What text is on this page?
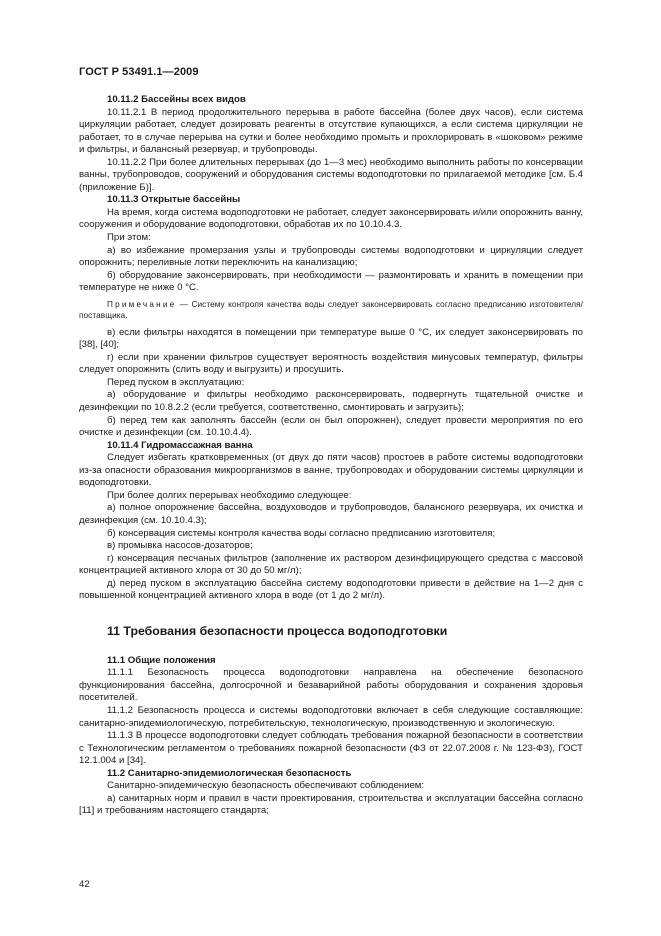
ГОСТ Р 53491.1—2009

10.11.2 Бассейны всех видов

10.11.2.1 В период продолжительного перерыва в работе бассейна (более двух часов), если система циркуляции работает, следует дозировать реагенты в отсутствие купающихся, а если система циркуляции не работает, то в случае перерыва на сутки и более необходимо промыть и прохлорировать в «шоковом» режиме и фильтры, и балансный резервуар, и трубопроводы.

10.11.2.2 При более длительных перерывах (до 1—3 мес) необходимо выполнить работы по консервации ванны, трубопроводов, сооружений и оборудования системы водоподготовки по прилагаемой методике [см. Б.4 (приложение Б)].

10.11.3 Открытые бассейны

На время, когда система водоподготовки не работает, следует законсервировать и/или опорожнить ванну, сооружения и оборудование водоподготовки, обработав их по 10.10.4.3.

При этом:

а) во избежание промерзания узлы и трубопроводы системы водоподготовки и циркуляции следует опорожнить; переливные лотки переключить на канализацию;

б) оборудование законсервировать, при необходимости — размонтировать и хранить в помещении при температуре не ниже 0 °С.

Примечание — Систему контроля качества воды следует законсервировать согласно предписанию изготовителя/поставщика.

в) если фильтры находятся в помещении при температуре выше 0 °С, их следует законсервировать по [38], [40];

г) если при хранении фильтров существует вероятность воздействия минусовых температур, фильтры следует опорожнить (слить воду и выгрузить) и просушить.

Перед пуском в эксплуатацию:

а) оборудование и фильтры необходимо расконсервировать, подвергнуть тщательной очистке и дезинфекции по 10.8.2.2 (если требуется, соответственно, смонтировать и загрузить);

б) перед тем как заполнять бассейн (если он был опорожнен), следует провести мероприятия по его очистке и дезинфекции (см. 10.10.4.4).

10.11.4 Гидромассажная ванна

Следует избегать кратковременных (от двух до пяти часов) простоев в работе системы водоподготовки из-за опасности образования микроорганизмов в ванне, трубопроводах и оборудовании системы циркуляции и водоподготовки.

При более долгих перерывах необходимо следующее:

а) полное опорожнение бассейна, воздуховодов и трубопроводов, балансного резервуара, их очистка и дезинфекция (см. 10.10.4.3);

б) консервация системы контроля качества воды согласно предписанию изготовителя;

в) промывка насосов-дозаторов;

г) консервация песчаных фильтров (заполнение их раствором дезинфицирующего средства с массовой концентрацией активного хлора от 30 до 50 мг/л);

д) перед пуском в эксплуатацию бассейна систему водоподготовки привести в действие на 1—2 дня с повышенной концентрацией активного хлора в воде (от 1 до 2 мг/л).

11 Требования безопасности процесса водоподготовки

11.1 Общие положения

11.1.1 Безопасность процесса водоподготовки направлена на обеспечение безопасного функционирования бассейна, долгосрочной и безаварийной работы оборудования и сохранения здоровья посетителей.

11.1.2 Безопасность процесса и системы водоподготовки включает в себя следующие составляющие: санитарно-эпидемиологическую, потребительскую, технологическую, производственную и экологическую.

11.1.3 В процессе водоподготовки следует соблюдать требования пожарной безопасности в соответствии с Технологическим регламентом о требованиях пожарной безопасности (ФЗ от 22.07.2008 г. № 123-ФЗ), ГОСТ 12.1.004 и [34].

11.2 Санитарно-эпидемиологическая безопасность

Санитарно-эпидемическую безопасность обеспечивают соблюдением:

а) санитарных норм и правил в части проектирования, строительства и эксплуатации бассейна согласно [11] и требованиям настоящего стандарта;

42
